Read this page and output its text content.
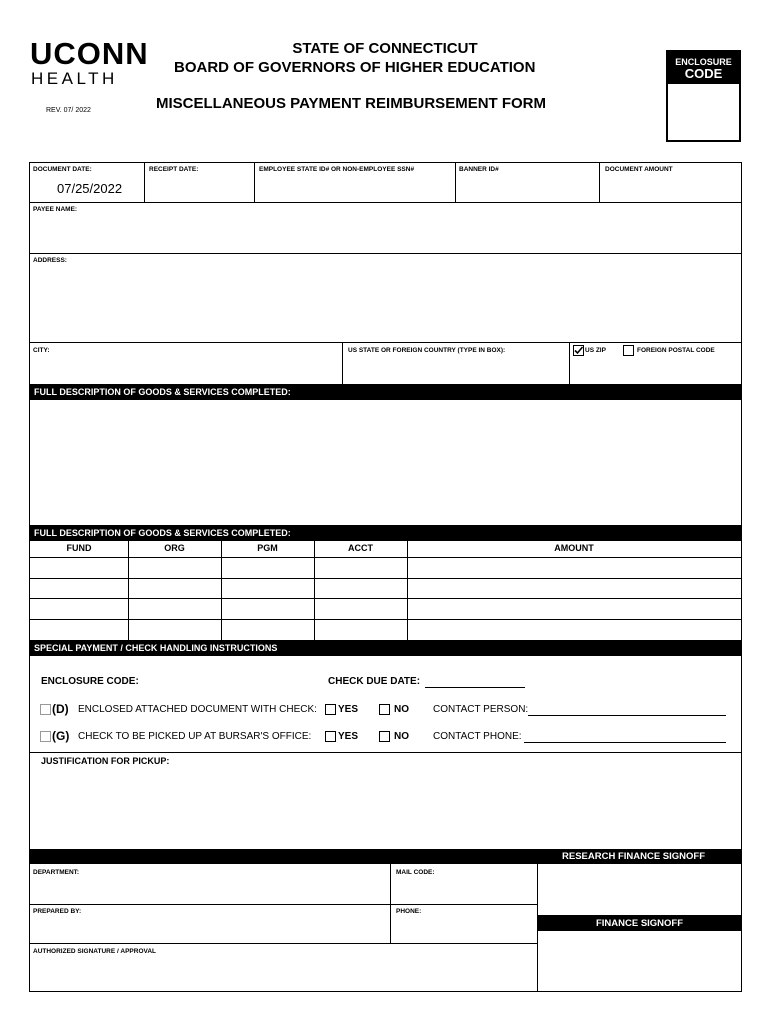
UCONN
HEALTH
REV. 07/ 2022
STATE OF CONNECTICUT
BOARD OF GOVERNORS OF HIGHER EDUCATION
MISCELLANEOUS PAYMENT REIMBURSEMENT FORM
ENCLOSURE
CODE
DOCUMENT DATE:
07/25/2022
RECEIPT DATE:	EMPLOYEE STATE ID# OR NON-EMPLOYEE SSN#	BANNER ID#	DOCUMENT AMOUNT
PAYEE NAME:
ADDRESS:
CITY:	US STATE OR FOREIGN COUNTRY (TYPE IN BOX):	US ZIP	FOREIGN POSTAL CODE
FULL DESCRIPTION OF GOODS & SERVICES COMPLETED:
FULL DESCRIPTION OF GOODS & SERVICES COMPLETED:
FUND	ORG	PGM	ACCT	AMOUNT
SPECIAL PAYMENT / CHECK HANDLING INSTRUCTIONS
ENCLOSURE CODE:	CHECK DUE DATE:
(D) ENCLOSED ATTACHED DOCUMENT WITH CHECK: YES	NO CONTACT PERSON:
(G) CHECK TO BE PICKED UP AT BURSAR'S OFFICE:	YES	NO CONTACT PHONE:
JUSTIFICATION FOR PICKUP:
RESEARCH FINANCE SIGNOFF
DEPARTMENT:	MAIL CODE:
PREPARED BY:	PHONE:
AUTHORIZED SIGNATURE / APPROVAL
FINANCE SIGNOFF
